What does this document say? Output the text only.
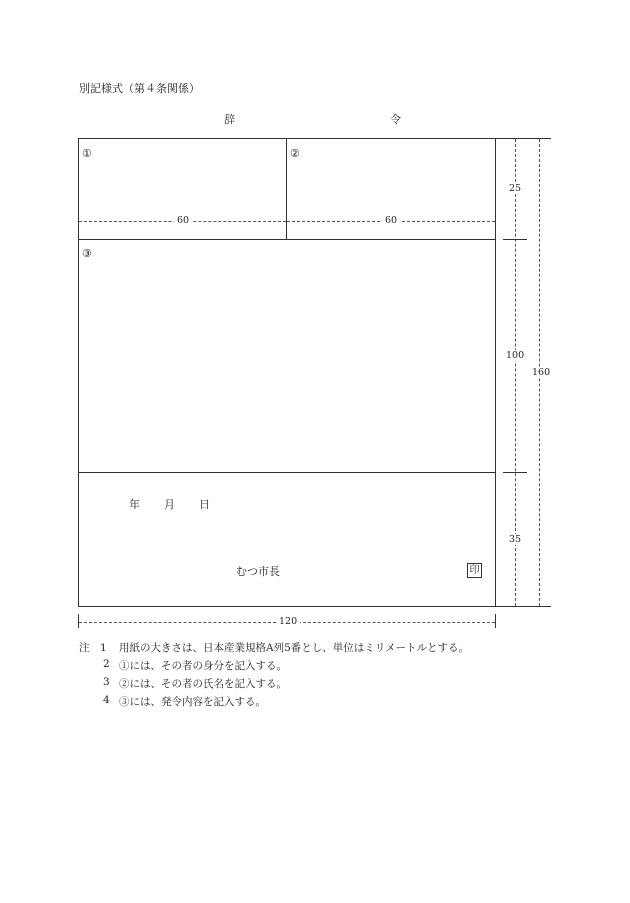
別記様式（第４条関係）
辞	令
①	②
③
60	60
年 月 日
むつ市長	印
25
100
35
160
120
注　1 用紙の大きさは、日本産業規格A列5番とし、単位はミリメートルとする。
2 ①には、その者の身分を記入する。
3 ②には、その者の氏名を記入する。
4 ③には、発令内容を記入する。
